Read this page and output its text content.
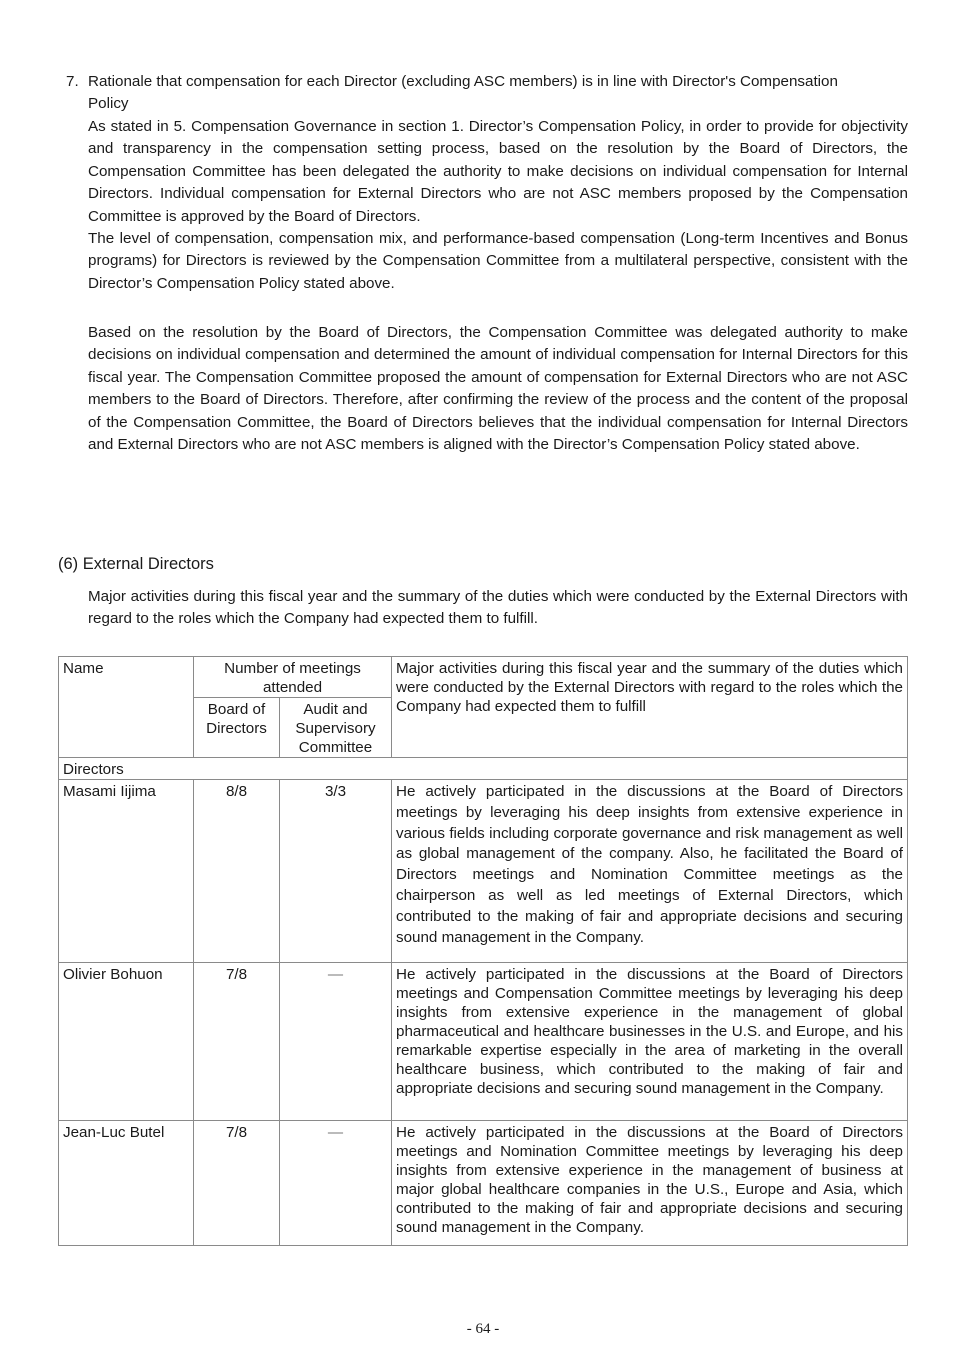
7. Rationale that compensation for each Director (excluding ASC members) is in line with Director's Compensation
Policy

As stated in 5. Compensation Governance in section 1. Director’s Compensation Policy, in order to provide for objectivity and transparency in the compensation setting process, based on the resolution by the Board of Directors, the Compensation Committee has been delegated the authority to make decisions on individual compensation for Internal Directors. Individual compensation for External Directors who are not ASC members proposed by the Compensation Committee is approved by the Board of Directors.

The level of compensation, compensation mix, and performance-based compensation (Long-term Incentives and Bonus programs) for Directors is reviewed by the Compensation Committee from a multilateral perspective, consistent with the Director’s Compensation Policy stated above.

Based on the resolution by the Board of Directors, the Compensation Committee was delegated authority to make decisions on individual compensation and determined the amount of individual compensation for Internal Directors for this fiscal year. The Compensation Committee proposed the amount of compensation for External Directors who are not ASC members to the Board of Directors. Therefore, after confirming the review of the process and the content of the proposal of the Compensation Committee, the Board of Directors believes that the individual compensation for Internal Directors and External Directors who are not ASC members is aligned with the Director’s Compensation Policy stated above.

(6) External Directors
Major activities during this fiscal year and the summary of the duties which were conducted by the External Directors with regard to the roles which the Company had expected them to fulfill.
Name	Number of meetings attended		Major activities during this fiscal year and the summary of the duties which were conducted by the External Directors with regard to the roles which the Company had expected them to fulfill
	Board of Directors	Audit and Supervisory Committee	
Directors			
Masami Iijima	8/8	3/3	He actively participated in the discussions at the Board of Directors meetings by leveraging his deep insights from extensive experience in various fields including corporate governance and risk management as well as global management of the company. Also, he facilitated the Board of Directors meetings and Nomination Committee meetings as the chairperson as well as led meetings of External Directors, which contributed to the making of fair and appropriate decisions and securing sound management in the Company.
Olivier Bohuon	7/8	—	He actively participated in the discussions at the Board of Directors meetings and Compensation Committee meetings by leveraging his deep insights from extensive experience in the management of global pharmaceutical and healthcare businesses in the U.S. and Europe, and his remarkable expertise especially in the area of marketing in the overall healthcare business, which contributed to the making of fair and appropriate decisions and securing sound management in the Company.
Jean-Luc Butel	7/8	—	He actively participated in the discussions at the Board of Directors meetings and Nomination Committee meetings by leveraging his deep insights from extensive experience in the management of business at major global healthcare companies in the U.S., Europe and Asia, which contributed to the making of fair and appropriate decisions and securing sound management in the Company.
- 64 -
